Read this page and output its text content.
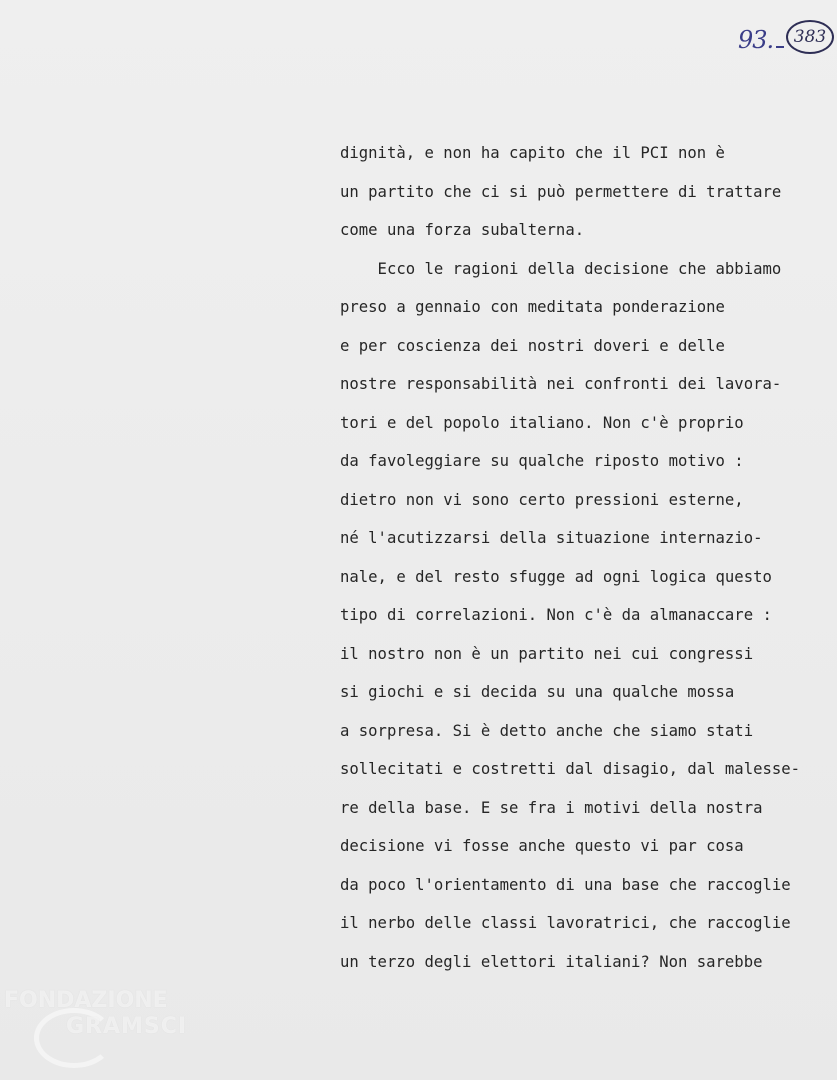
93.	383
dignità, e non ha capito che il PCI non è
un partito che ci si può permettere di trattare
come una forza subalterna.
Ecco le ragioni della decisione che abbiamo
preso a gennaio con meditata ponderazione
e per coscienza dei nostri doveri e delle
nostre responsabilità nei confronti dei lavora-
tori e del popolo italiano. Non c'è proprio
da favoleggiare su qualche riposto motivo :
dietro non vi sono certo pressioni esterne,
né l'acutizzarsi della situazione internazio-
nale, e del resto sfugge ad ogni logica questo
tipo di correlazioni. Non c'è da almanaccare :
il nostro non è un partito nei cui congressi
si giochi e si decida su una qualche mossa
a sorpresa. Si è detto anche che siamo stati
sollecitati e costretti dal disagio, dal malesse-
re della base. E se fra i motivi della nostra
decisione vi fosse anche questo vi par cosa
da poco l'orientamento di una base che raccoglie
il nerbo delle classi lavoratrici, che raccoglie
un terzo degli elettori italiani? Non sarebbe
FONDAZIONE
GRAMSCI
